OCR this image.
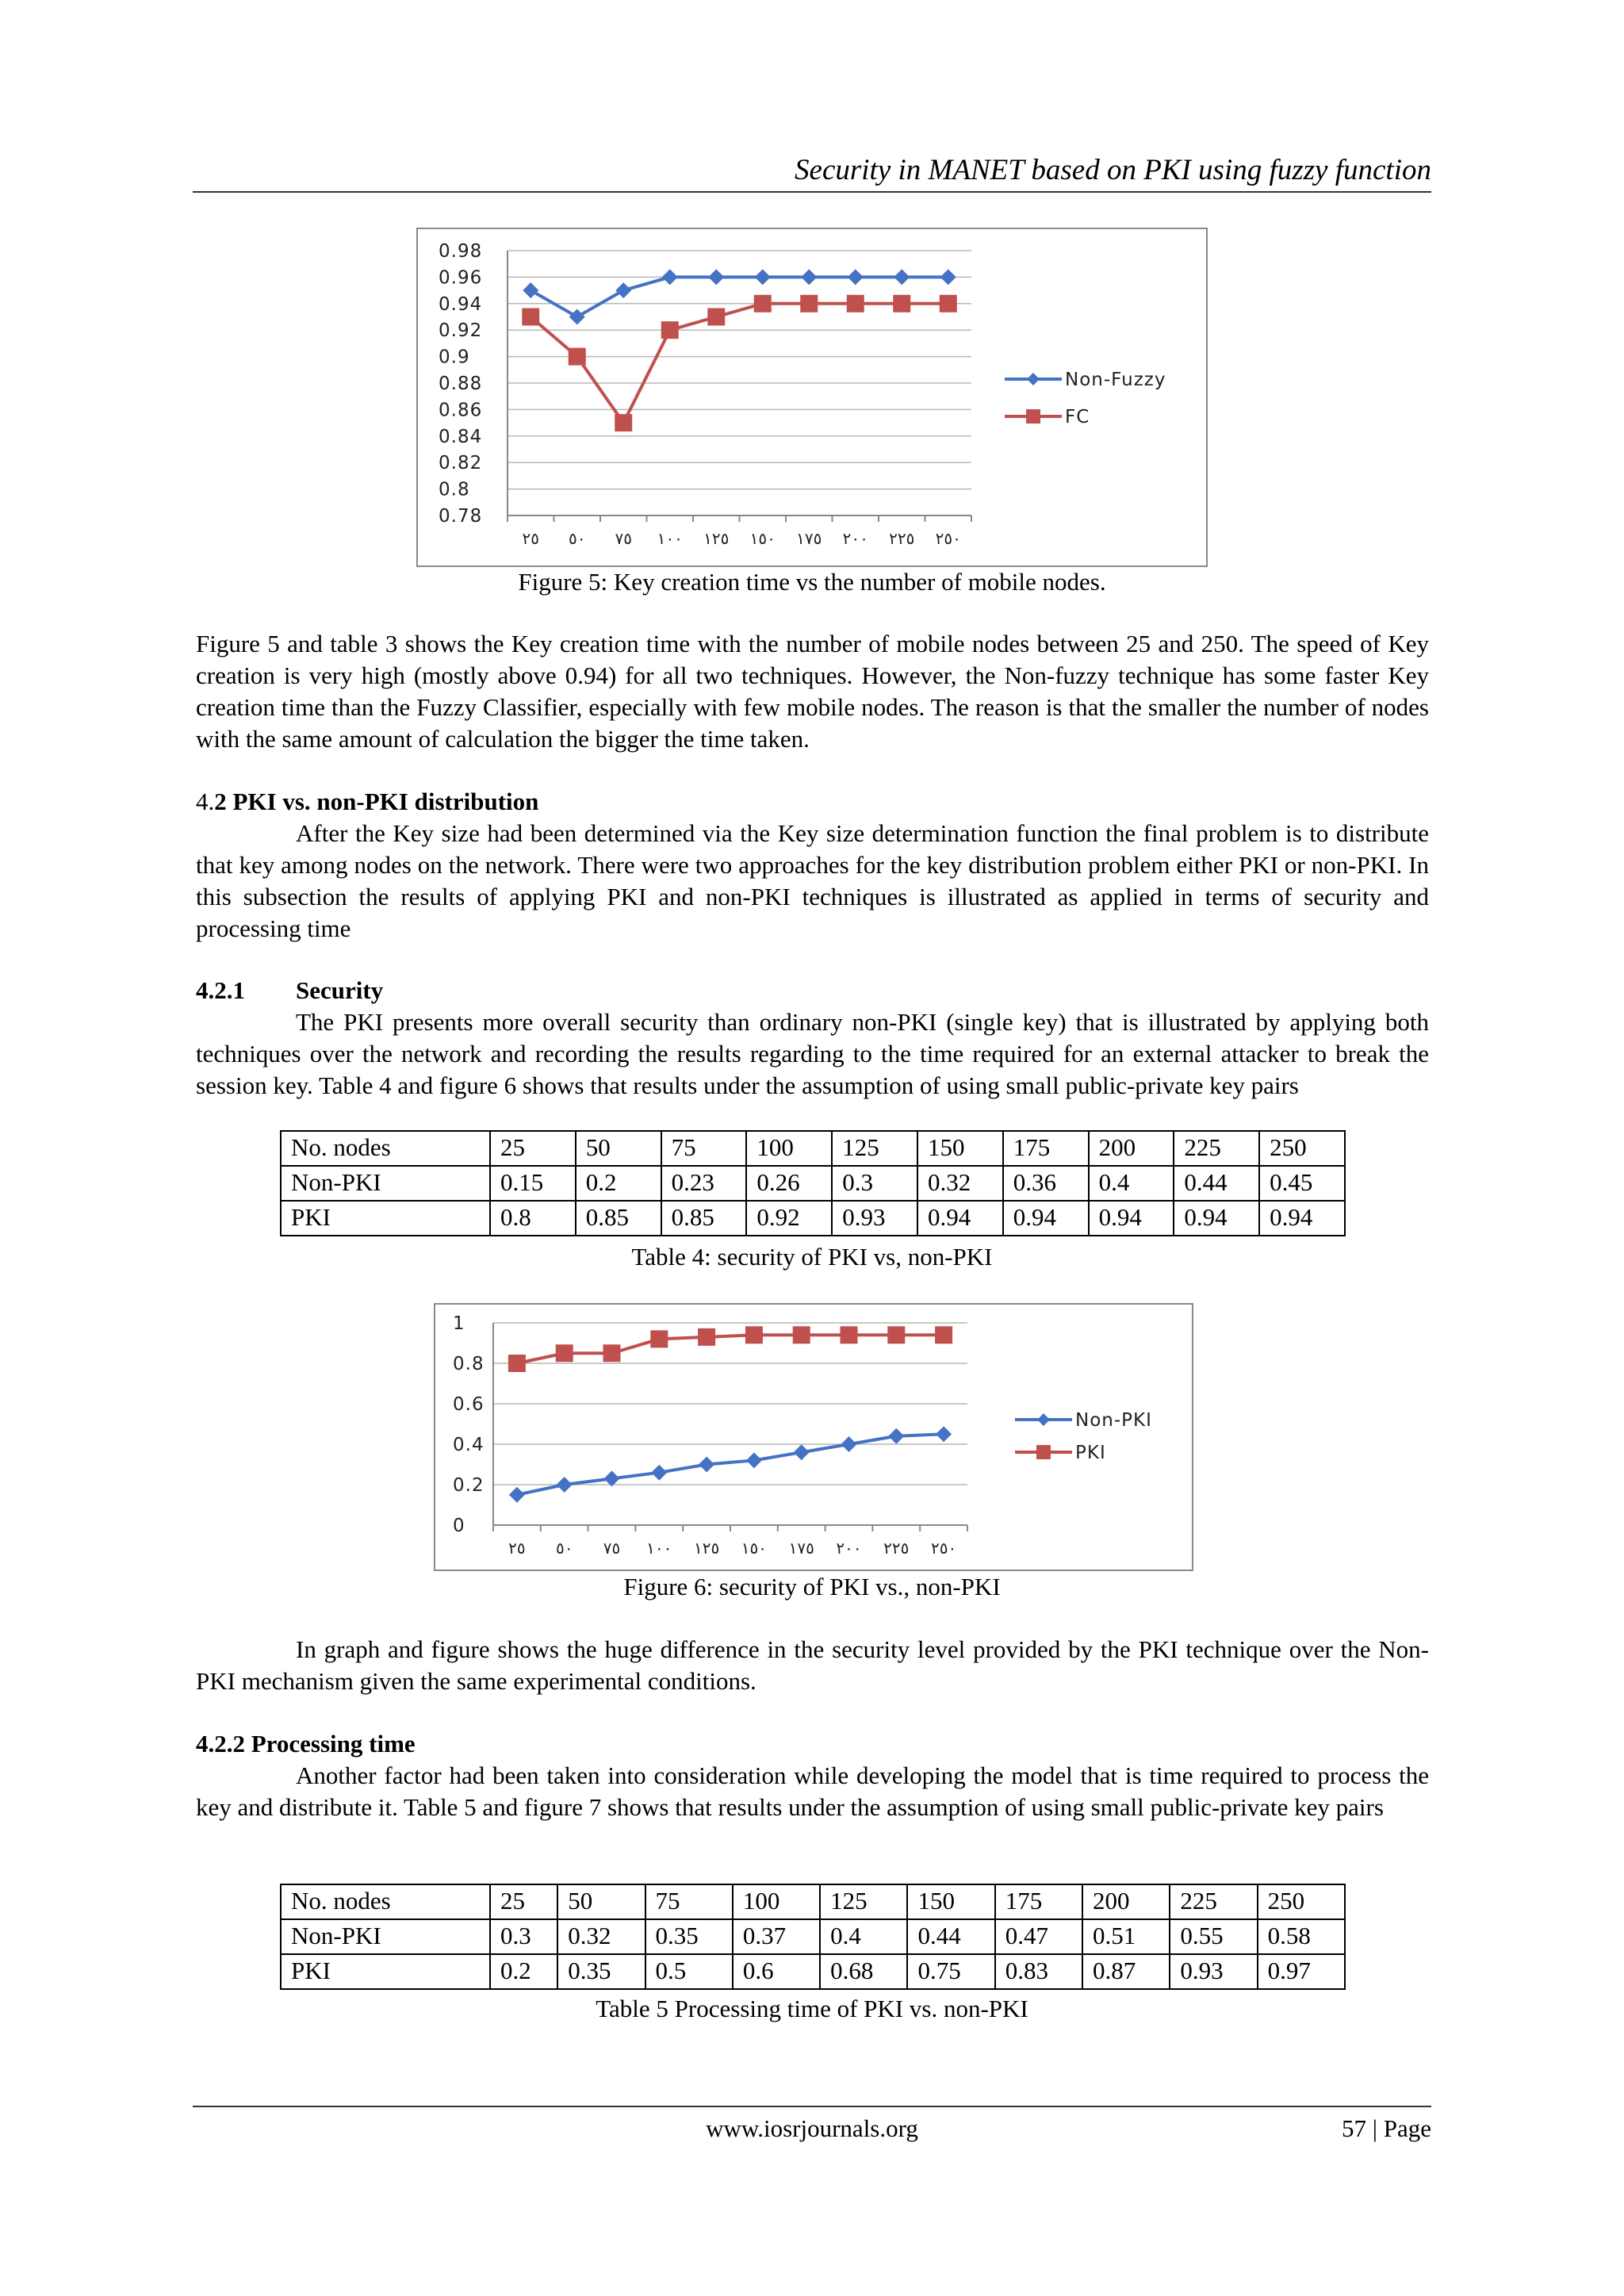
Security in MANET based on PKI using fuzzy function
0.98
0.96
0.94
0.92
0.9
0.88
0.86
0.84
0.82
0.8
0.78
٢٥ ٥٠ ٧٥ ١٠٠ ١٢٥ ١٥٠ ١٧٥ ٢٠٠ ٢٢٥ ٢٥٠
Non-Fuzzy
FC
Figure 5: Key creation time vs the number of mobile nodes.

Figure 5 and table 3 shows the Key creation time with the number of mobile nodes between 25 and 250. The speed of Key creation is very high (mostly above 0.94) for all two techniques. However, the Non-fuzzy technique has some faster Key creation time than the Fuzzy Classifier, especially with few mobile nodes. The reason is that the smaller the number of nodes with the same amount of calculation the bigger the time taken.

4.2 PKI vs. non-PKI distribution

After the Key size had been determined via the Key size determination function the final problem is to distribute that key among nodes on the network. There were two approaches for the key distribution problem either PKI or non-PKI. In this subsection the results of applying PKI and non-PKI techniques is illustrated as applied in terms of security and processing time

4.2.1 Security

The PKI presents more overall security than ordinary non-PKI (single key) that is illustrated by applying both techniques over the network and recording the results regarding to the time required for an external attacker to break the session key. Table 4 and figure 6 shows that results under the assumption of using small public-private key pairs

No. nodes	25	50	75	100	125	150	175	200	225	250
Non-PKI	0.15	0.2	0.23	0.26	0.3	0.32	0.36	0.4	0.44	0.45
PKI	0.8	0.85	0.85	0.92	0.93	0.94	0.94	0.94	0.94	0.94
Table 4: security of PKI vs, non-PKI
1
0.8
0.6
0.4
0.2
0
٢٥ ٥٠ ٧٥ ١٠٠ ١٢٥ ١٥٠ ١٧٥ ٢٠٠ ٢٢٥ ٢٥٠
Non-PKI
PKI
Figure 6: security of PKI vs., non-PKI

In graph and figure shows the huge difference in the security level provided by the PKI technique over the Non-PKI mechanism given the same experimental conditions.

4.2.2 Processing time

Another factor had been taken into consideration while developing the model that is time required to process the key and distribute it. Table 5 and figure 7 shows that results under the assumption of using small public-private key pairs

No. nodes	25	50	75	100	125	150	175	200	225	250
Non-PKI	0.3	0.32	0.35	0.37	0.4	0.44	0.47	0.51	0.55	0.58
PKI	0.2	0.35	0.5	0.6	0.68	0.75	0.83	0.87	0.93	0.97
Table 5 Processing time of PKI vs. non-PKI
www.iosrjournals.org	57 | Page
